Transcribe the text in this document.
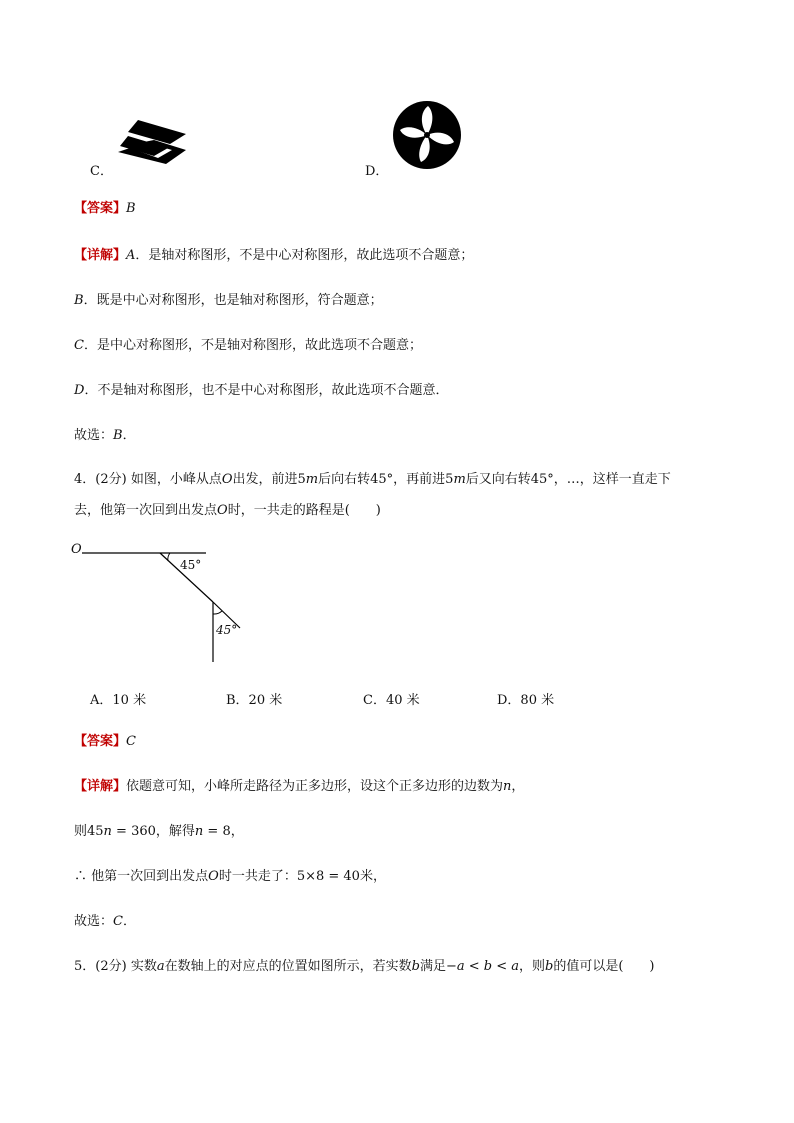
C．	D．
【答案】B
【详解】A．是轴对称图形，不是中心对称图形，故此选项不合题意；
B．既是中心对称图形，也是轴对称图形，符合题意；
C．是中心对称图形，不是轴对称图形，故此选项不合题意；
D．不是轴对称图形，也不是中心对称图形，故此选项不合题意．
故选：B．
4．(2分) 如图，小峰从点O出发，前进5m后向右转45°，再前进5m后又向右转45°，…，这样一直走下
去，他第一次回到出发点O时，一共走的路程是(　　)
O
45°
45°
A．10 米	B．20 米	C．40 米	D．80 米
【答案】C
【详解】依题意可知，小峰所走路径为正多边形，设这个正多边形的边数为n，
则45n = 360，解得n = 8，
∴ 他第一次回到出发点O时一共走了：5×8 = 40米，
故选：C．
5．(2分) 实数a在数轴上的对应点的位置如图所示，若实数b满足−a < b < a，则b的值可以是(　　)
